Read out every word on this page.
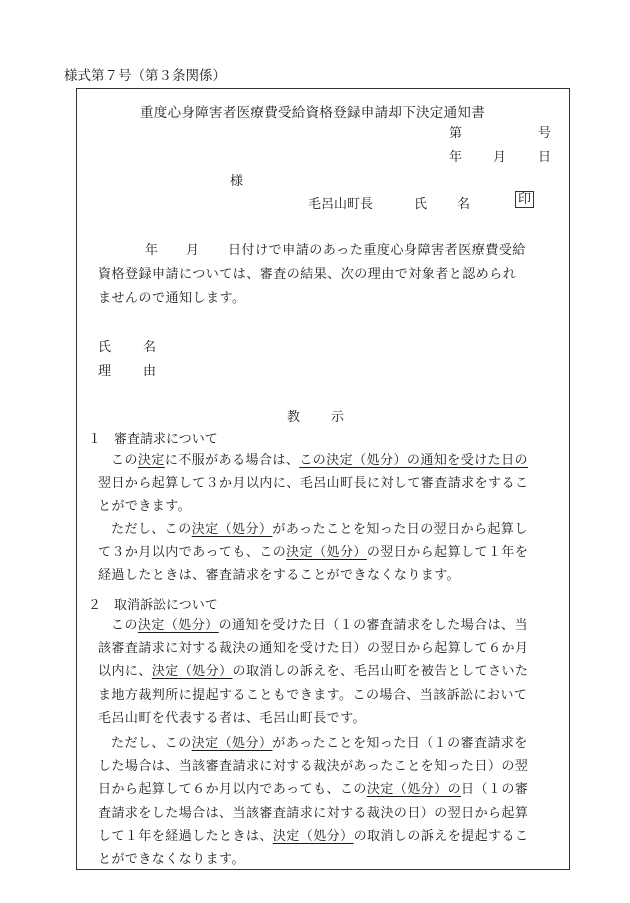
様式第７号（第３条関係）
重度心身障害者医療費受給資格登録申請却下決定通知書
第	号
年 月 日
様
毛呂山町長	氏 名	印
年 月 日付けで申請のあった重度心身障害者医療費受給
資格登録申請については、審査の結果、次の理由で対象者と認められ
ませんので通知します。
氏 名
理 由
教 示
１　審査請求について
この決定に不服がある場合は、この決定（処分）の通知を受けた日の
翌日から起算して３か月以内に、毛呂山町長に対して審査請求をするこ
とができます。
ただし、この決定（処分）があったことを知った日の翌日から起算し
て３か月以内であっても、この決定（処分）の翌日から起算して１年を
経過したときは、審査請求をすることができなくなります。
２　取消訴訟について
この決定（処分）の通知を受けた日（１の審査請求をした場合は、当
該審査請求に対する裁決の通知を受けた日）の翌日から起算して６か月
以内に、決定（処分）の取消しの訴えを、毛呂山町を被告としてさいた
ま地方裁判所に提起することもできます。この場合、当該訴訟において
毛呂山町を代表する者は、毛呂山町長です。
ただし、この決定（処分）があったことを知った日（１の審査請求を
した場合は、当該審査請求に対する裁決があったことを知った日）の翌
日から起算して６か月以内であっても、この決定（処分）の日（１の審
査請求をした場合は、当該審査請求に対する裁決の日）の翌日から起算
して１年を経過したときは、決定（処分）の取消しの訴えを提起するこ
とができなくなります。
